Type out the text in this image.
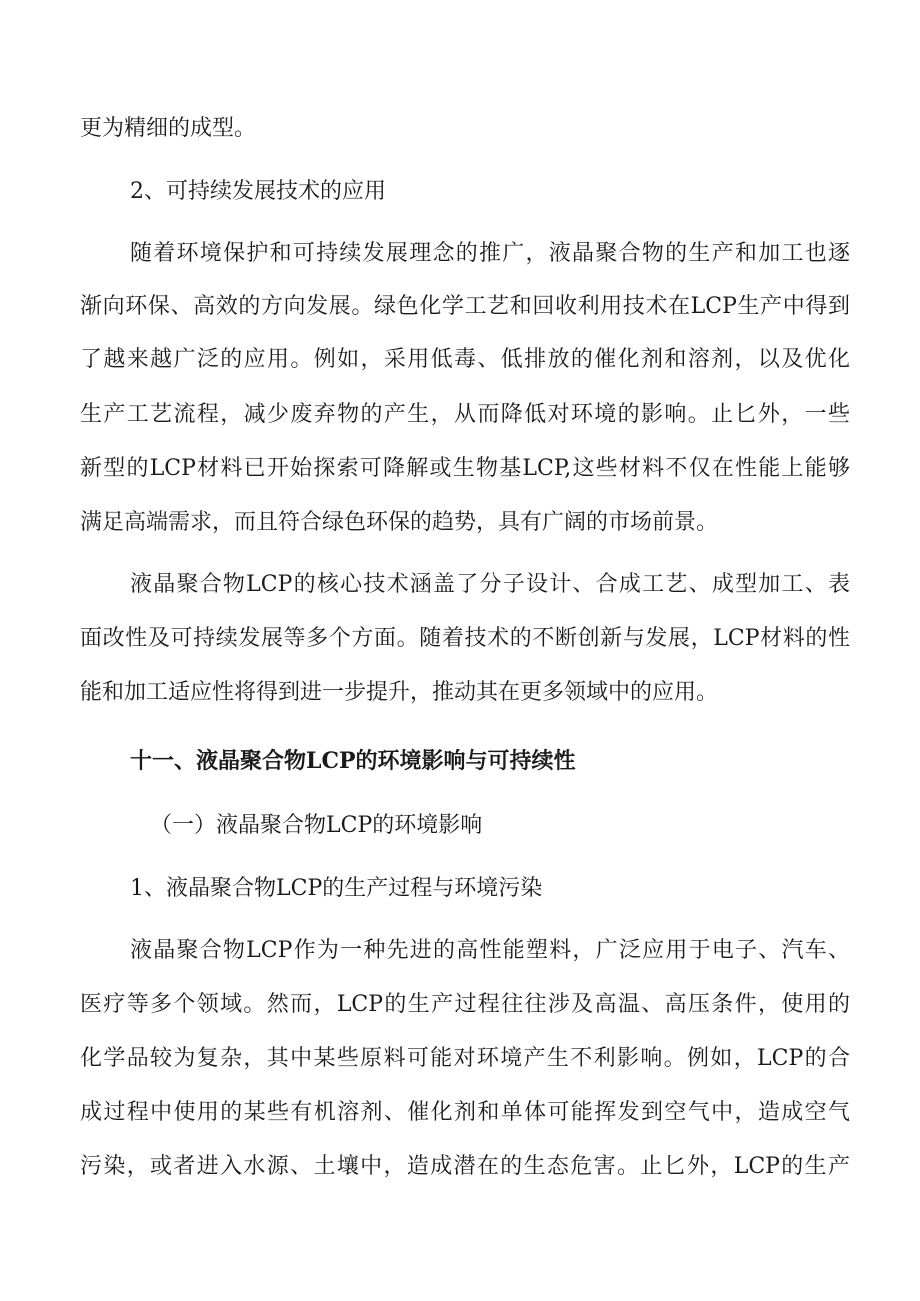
更为精细的成型。
2、可持续发展技术的应用
随着环境保护和可持续发展理念的推广，液晶聚合物的生产和加工也逐
渐向环保、高效的方向发展。绿色化学工艺和回收利用技术在LCP生产中得到
了越来越广泛的应用。例如，采用低毒、低排放的催化剂和溶剂，以及优化
生产工艺流程，减少废弃物的产生，从而降低对环境的影响。止匕外，一些
新型的LCP材料已开始探索可降解或生物基LCP,这些材料不仅在性能上能够
满足高端需求，而且符合绿色环保的趋势，具有广阔的市场前景。
液晶聚合物LCP的核心技术涵盖了分子设计、合成工艺、成型加工、表
面改性及可持续发展等多个方面。随着技术的不断创新与发展，LCP材料的性
能和加工适应性将得到进一步提升，推动其在更多领域中的应用。
十一、液晶聚合物LCP的环境影响与可持续性
（一）液晶聚合物LCP的环境影响
1、液晶聚合物LCP的生产过程与环境污染
液晶聚合物LCP作为一种先进的高性能塑料，广泛应用于电子、汽车、
医疗等多个领域。然而，LCP的生产过程往往涉及高温、高压条件，使用的
化学品较为复杂，其中某些原料可能对环境产生不利影响。例如，LCP的合
成过程中使用的某些有机溶剂、催化剂和单体可能挥发到空气中，造成空气
污染，或者进入水源、土壤中，造成潜在的生态危害。止匕外，LCP的生产
